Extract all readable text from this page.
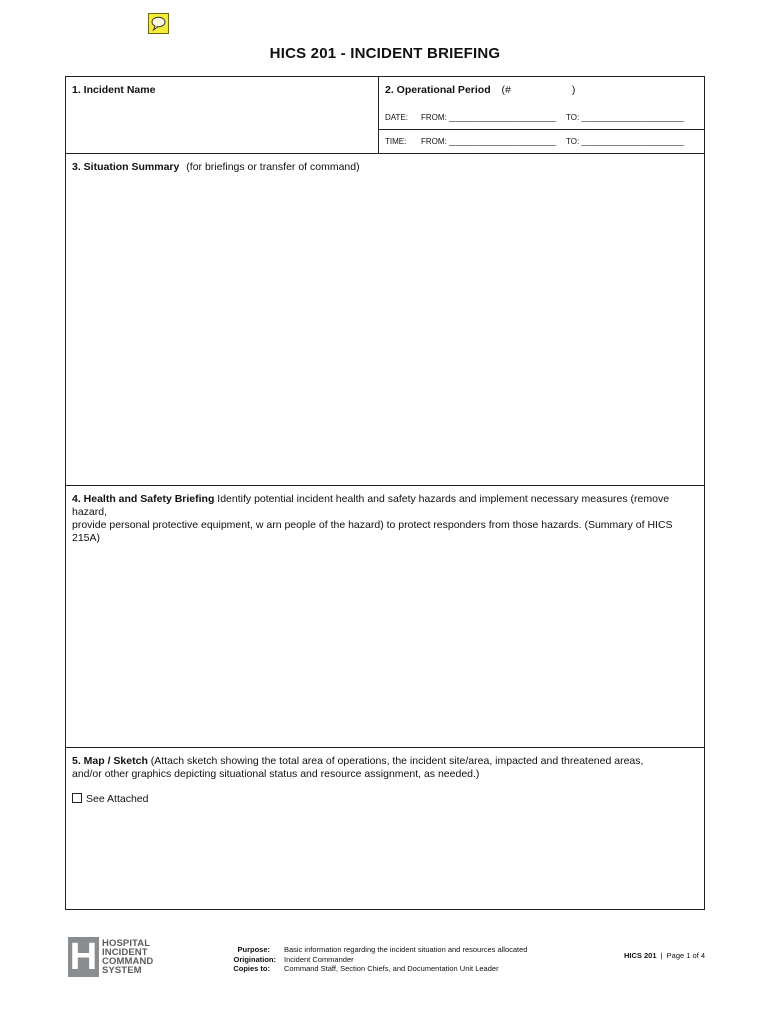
HICS 201 - INCIDENT BRIEFING
1. Incident Name	2. Operational Period (#	)
DATE: FROM: ________________________ TO: _______________________
TIME: FROM: ________________________ TO: _______________________
3. Situation Summary (for briefings or transfer of command)
4. Health and Safety Briefing Identify potential incident health and safety hazards and implement necessary measures (remove hazard,
provide personal protective equipment, w arn people of the hazard) to protect responders from those hazards. (Summary of HICS 215A)
5. Map / Sketch (Attach sketch showing the total area of operations, the incident site/area, impacted and threatened areas,
and/or other graphics depicting situational status and resource assignment, as needed.)
See Attached
H HOSPITAL
INCIDENT
COMMAND
SYSTEM
Purpose: Basic information regarding the incident situation and resources allocated
Origination: Incident Commander
Copies to: Command Staff, Section Chiefs, and Documentation Unit Leader
HICS 201 | Page 1 of 4
